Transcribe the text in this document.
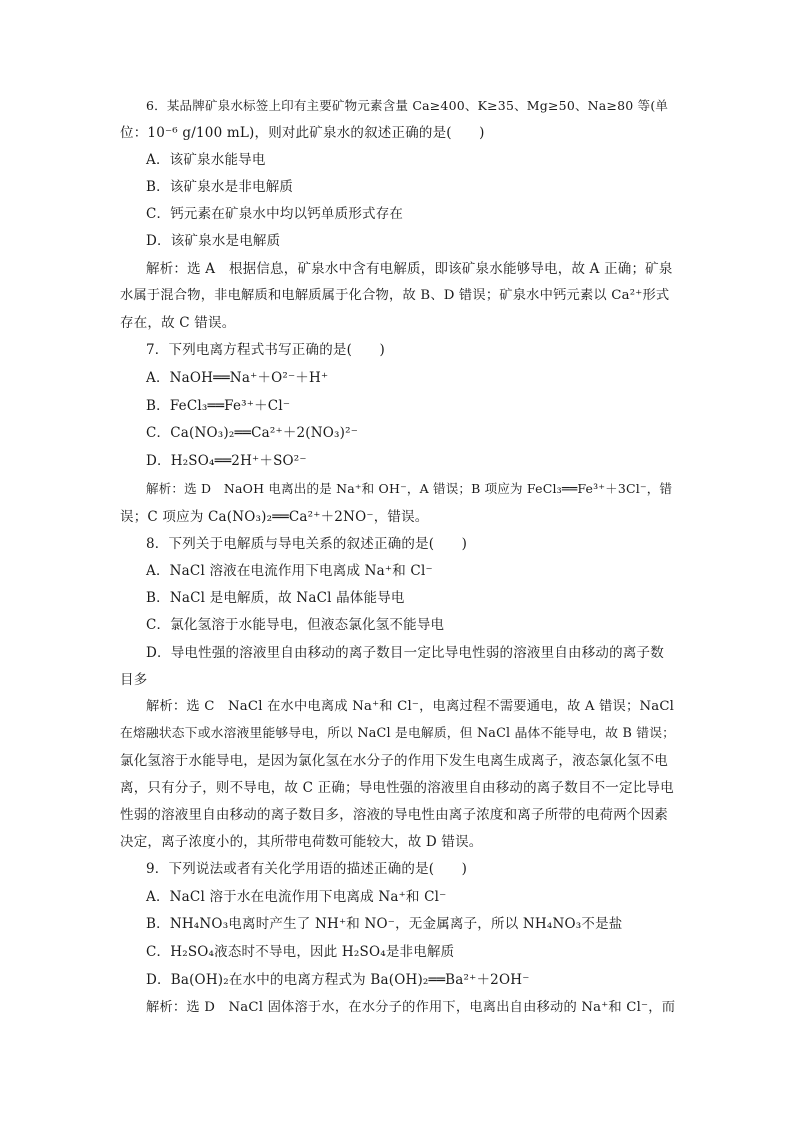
6．某品牌矿泉水标签上印有主要矿物元素含量 Ca≥400、K≥35、Mg≥50、Na≥80 等(单
位：10⁻⁶ g/100 mL)，则对此矿泉水的叙述正确的是(　　)
A．该矿泉水能导电
B．该矿泉水是非电解质
C．钙元素在矿泉水中均以钙单质形式存在
D．该矿泉水是电解质
解析：选 A　根据信息，矿泉水中含有电解质，即该矿泉水能够导电，故 A 正确；矿泉
水属于混合物，非电解质和电解质属于化合物，故 B、D 错误；矿泉水中钙元素以 Ca²⁺形式
存在，故 C 错误。
7．下列电离方程式书写正确的是(　　)
A．NaOH══Na⁺＋O²⁻＋H⁺
B．FeCl₃══Fe³⁺＋Cl⁻
C．Ca(NO₃)₂══Ca²⁺＋2(NO₃)²⁻
D．H₂SO₄══2H⁺＋SO²⁻
解析：选 D　NaOH 电离出的是 Na⁺和 OH⁻，A 错误；B 项应为 FeCl₃══Fe³⁺＋3Cl⁻，错
误；C 项应为 Ca(NO₃)₂══Ca²⁺＋2NO⁻，错误。
8．下列关于电解质与导电关系的叙述正确的是(　　)
A．NaCl 溶液在电流作用下电离成 Na⁺和 Cl⁻
B．NaCl 是电解质，故 NaCl 晶体能导电
C．氯化氢溶于水能导电，但液态氯化氢不能导电
D．导电性强的溶液里自由移动的离子数目一定比导电性弱的溶液里自由移动的离子数
目多
解析：选 C　NaCl 在水中电离成 Na⁺和 Cl⁻，电离过程不需要通电，故 A 错误；NaCl
在熔融状态下或水溶液里能够导电，所以 NaCl 是电解质，但 NaCl 晶体不能导电，故 B 错误；
氯化氢溶于水能导电，是因为氯化氢在水分子的作用下发生电离生成离子，液态氯化氢不电
离，只有分子，则不导电，故 C 正确；导电性强的溶液里自由移动的离子数目不一定比导电
性弱的溶液里自由移动的离子数目多，溶液的导电性由离子浓度和离子所带的电荷两个因素
决定，离子浓度小的，其所带电荷数可能较大，故 D 错误。
9．下列说法或者有关化学用语的描述正确的是(　　)
A．NaCl 溶于水在电流作用下电离成 Na⁺和 Cl⁻
B．NH₄NO₃电离时产生了 NH⁺和 NO⁻，无金属离子，所以 NH₄NO₃不是盐
C．H₂SO₄液态时不导电，因此 H₂SO₄是非电解质
D．Ba(OH)₂在水中的电离方程式为 Ba(OH)₂══Ba²⁺＋2OH⁻
解析：选 D　NaCl 固体溶于水，在水分子的作用下，电离出自由移动的 Na⁺和 Cl⁻，而
